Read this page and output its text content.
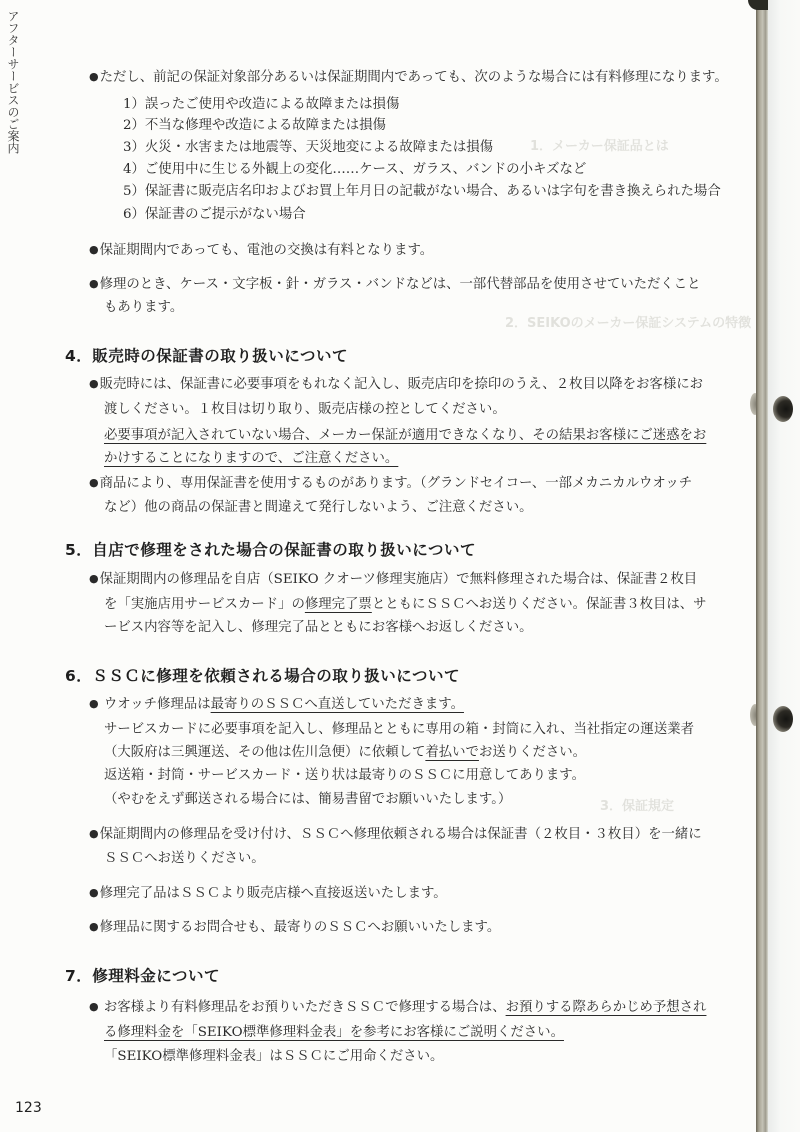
アフターサービスのご案内	1．メーカー保証品とは
2．SEIKOのメーカー保証システムの特徴
3．保証規定
● ただし、前記の保証対象部分あるいは保証期間内であっても、次のような場合には有料修理になります。
1）誤ったご使用や改造による故障または損傷
2）不当な修理や改造による故障または損傷
3）火災・水害または地震等、天災地変による故障または損傷
4）ご使用中に生じる外観上の変化……ケース、ガラス、バンドの小キズなど
5）保証書に販売店名印およびお買上年月日の記載がない場合、あるいは字句を書き換えられた場合
6）保証書のご提示がない場合
● 保証期間内であっても、電池の交換は有料となります。
● 修理のとき、ケース・文字板・針・ガラス・バンドなどは、一部代替部品を使用させていただくこと
もあります。
4．販売時の保証書の取り扱いについて
● 販売時には、保証書に必要事項をもれなく記入し、販売店印を捺印のうえ、２枚目以降をお客様にお
渡しください。１枚目は切り取り、販売店様の控としてください。
必要事項が記入されていない場合、メーカー保証が適用できなくなり、その結果お客様にご迷惑をお
かけすることになりますので、ご注意ください。
● 商品により、専用保証書を使用するものがあります。（グランドセイコー、一部メカニカルウオッチ
など）他の商品の保証書と間違えて発行しないよう、ご注意ください。
5．自店で修理をされた場合の保証書の取り扱いについて
● 保証期間内の修理品を自店（SEIKO クオーツ修理実施店）で無料修理された場合は、保証書２枚目
を「実施店用サービスカード」の修理完了票とともにＳＳＣへお送りください。保証書３枚目は、サ
ービス内容等を記入し、修理完了品とともにお客様へお返しください。
6．ＳＳＣに修理を依頼される場合の取り扱いについて
● ウオッチ修理品は最寄りのＳＳＣへ直送していただきます。
サービスカードに必要事項を記入し、修理品とともに専用の箱・封筒に入れ、当社指定の運送業者
（大阪府は三興運送、その他は佐川急便）に依頼して着払いでお送りください。
返送箱・封筒・サービスカード・送り状は最寄りのＳＳＣに用意してあります。
（やむをえず郵送される場合には、簡易書留でお願いいたします。）
● 保証期間内の修理品を受け付け、ＳＳＣへ修理依頼される場合は保証書（２枚目・３枚目）を一緒に
ＳＳＣへお送りください。
● 修理完了品はＳＳＣより販売店様へ直接返送いたします。
● 修理品に関するお問合せも、最寄りのＳＳＣへお願いいたします。
7．修理料金について
● お客様より有料修理品をお預りいただきＳＳＣで修理する場合は、お預りする際あらかじめ予想され
る修理料金を「SEIKO標準修理料金表」を参考にお客様にご説明ください。
「SEIKO標準修理料金表」はＳＳＣにご用命ください。
123
